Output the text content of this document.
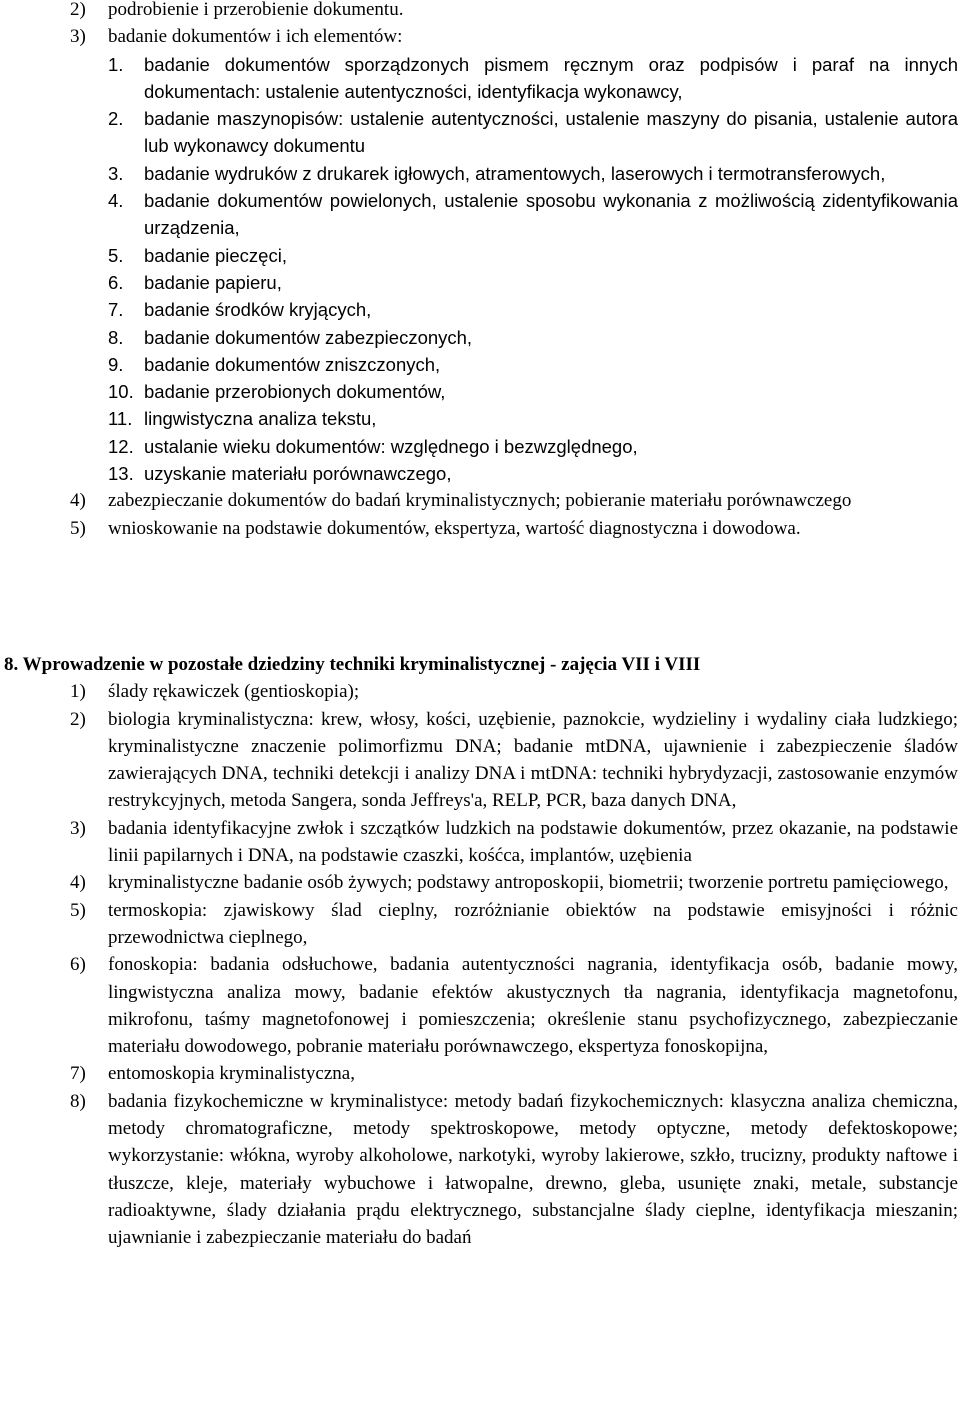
2) podrobienie i przerobienie dokumentu.
3) badanie dokumentów i ich elementów:
1. badanie dokumentów sporządzonych pismem ręcznym oraz podpisów i paraf na innych dokumentach: ustalenie autentyczności, identyfikacja wykonawcy,
2. badanie maszynopisów: ustalenie autentyczności, ustalenie maszyny do pisania, ustalenie autora lub wykonawcy dokumentu
3. badanie wydruków z drukarek igłowych, atramentowych, laserowych i termotransferowych,
4. badanie dokumentów powielonych, ustalenie sposobu wykonania z możliwością zidentyfikowania urządzenia,
5. badanie pieczęci,
6. badanie papieru,
7. badanie środków kryjących,
8. badanie dokumentów zabezpieczonych,
9. badanie dokumentów zniszczonych,
10. badanie przerobionych dokumentów,
11. lingwistyczna analiza tekstu,
12. ustalanie wieku dokumentów: względnego i bezwzględnego,
13. uzyskanie materiału porównawczego,
4) zabezpieczanie dokumentów do badań kryminalistycznych; pobieranie materiału porównawczego
5) wnioskowanie na podstawie dokumentów, ekspertyza, wartość diagnostyczna i dowodowa.

8. Wprowadzenie w pozostałe dziedziny techniki kryminalistycznej - zajęcia VII i VIII

1) ślady rękawiczek (gentioskopia);
2) biologia kryminalistyczna: krew, włosy, kości, uzębienie, paznokcie, wydzieliny i wydaliny ciała ludzkiego; kryminalistyczne znaczenie polimorfizmu DNA; badanie mtDNA, ujawnienie i zabezpieczenie śladów zawierających DNA, techniki detekcji i analizy DNA i mtDNA: techniki hybrydyzacji, zastosowanie enzymów restrykcyjnych, metoda Sangera, sonda Jeffreys'a, RELP, PCR, baza danych DNA,
3) badania identyfikacyjne zwłok i szczątków ludzkich na podstawie dokumentów, przez okazanie, na podstawie linii papilarnych i DNA, na podstawie czaszki, kośćca, implantów, uzębienia
4) kryminalistyczne badanie osób żywych; podstawy antroposkopii, biometrii; tworzenie portretu pamięciowego,
5) termoskopia: zjawiskowy ślad cieplny, rozróżnianie obiektów na podstawie emisyjności i różnic przewodnictwa cieplnego,
6) fonoskopia: badania odsłuchowe, badania autentyczności nagrania, identyfikacja osób, badanie mowy, lingwistyczna analiza mowy, badanie efektów akustycznych tła nagrania, identyfikacja magnetofonu, mikrofonu, taśmy magnetofonowej i pomieszczenia; określenie stanu psychofizycznego, zabezpieczanie materiału dowodowego, pobranie materiału porównawczego, ekspertyza fonoskopijna,
7) entomoskopia kryminalistyczna,
8) badania fizykochemiczne w kryminalistyce: metody badań fizykochemicznych: klasyczna analiza chemiczna, metody chromatograficzne, metody spektroskopowe, metody optyczne, metody defektoskopowe; wykorzystanie: włókna, wyroby alkoholowe, narkotyki, wyroby lakierowe, szkło, trucizny, produkty naftowe i tłuszcze, kleje, materiały wybuchowe i łatwopalne, drewno, gleba, usunięte znaki, metale, substancje radioaktywne, ślady działania prądu elektrycznego, substancjalne ślady cieplne, identyfikacja mieszanin; ujawnianie i zabezpieczanie materiału do badań
